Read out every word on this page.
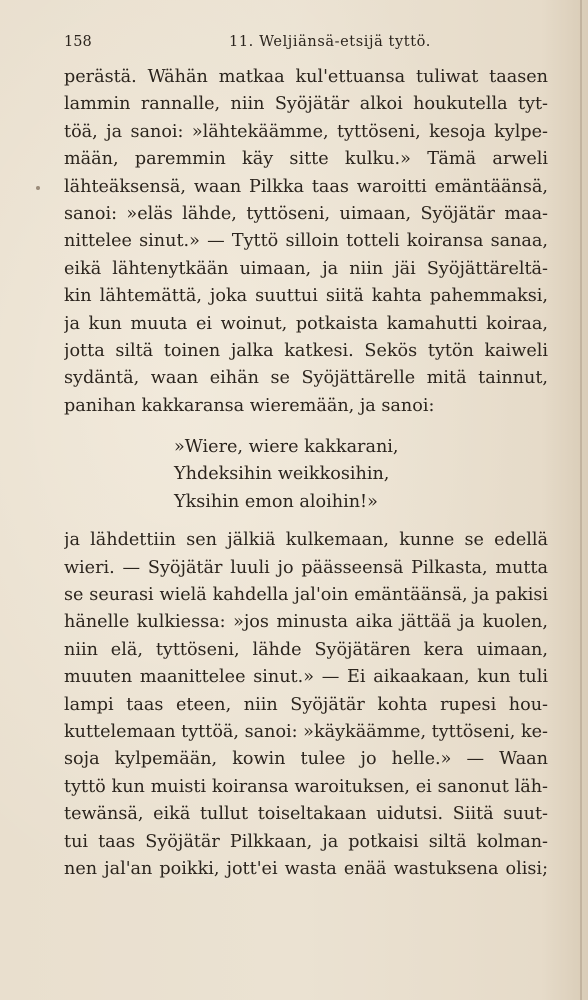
158	11. Weljiänsä-etsijä tyttö.
perästä. Wähän matkaa kul'ettuansa tuliwat taasen
lammin rannalle, niin Syöjätär alkoi houkutella tyt-
töä, ja sanoi: »lähtekäämme, tyttöseni, kesoja kylpe-
mään, paremmin käy sitte kulku.» Tämä arweli
lähteäksensä, waan Pilkka taas waroitti emäntäänsä,
sanoi: »eläs lähde, tyttöseni, uimaan, Syöjätär maa-
nittelee sinut.» — Tyttö silloin totteli koiransa sanaa,
eikä lähtenytkään uimaan, ja niin jäi Syöjättäreltä-
kin lähtemättä, joka suuttui siitä kahta pahemmaksi,
ja kun muuta ei woinut, potkaista kamahutti koiraa,
jotta siltä toinen jalka katkesi. Sekös tytön kaiweli
sydäntä, waan eihän se Syöjättärelle mitä tainnut,
panihan kakkaransa wieremään, ja sanoi:
»Wiere, wiere kakkarani,
Yhdeksihin weikkosihin,
Yksihin emon aloihin!»
ja lähdettiin sen jälkiä kulkemaan, kunne se edellä
wieri. — Syöjätär luuli jo päässeensä Pilkasta, mutta
se seurasi wielä kahdella jal'oin emäntäänsä, ja pakisi
hänelle kulkiessa: »jos minusta aika jättää ja kuolen,
niin elä, tyttöseni, lähde Syöjätären kera uimaan,
muuten maanittelee sinut.» — Ei aikaakaan, kun tuli
lampi taas eteen, niin Syöjätär kohta rupesi hou-
kuttelemaan tyttöä, sanoi: »käykäämme, tyttöseni, ke-
soja kylpemään, kowin tulee jo helle.» — Waan
tyttö kun muisti koiransa waroituksen, ei sanonut läh-
tewänsä, eikä tullut toiseltakaan uidutsi. Siitä suut-
tui taas Syöjätär Pilkkaan, ja potkaisi siltä kolman-
nen jal'an poikki, jott'ei wasta enää wastuksena olisi;
